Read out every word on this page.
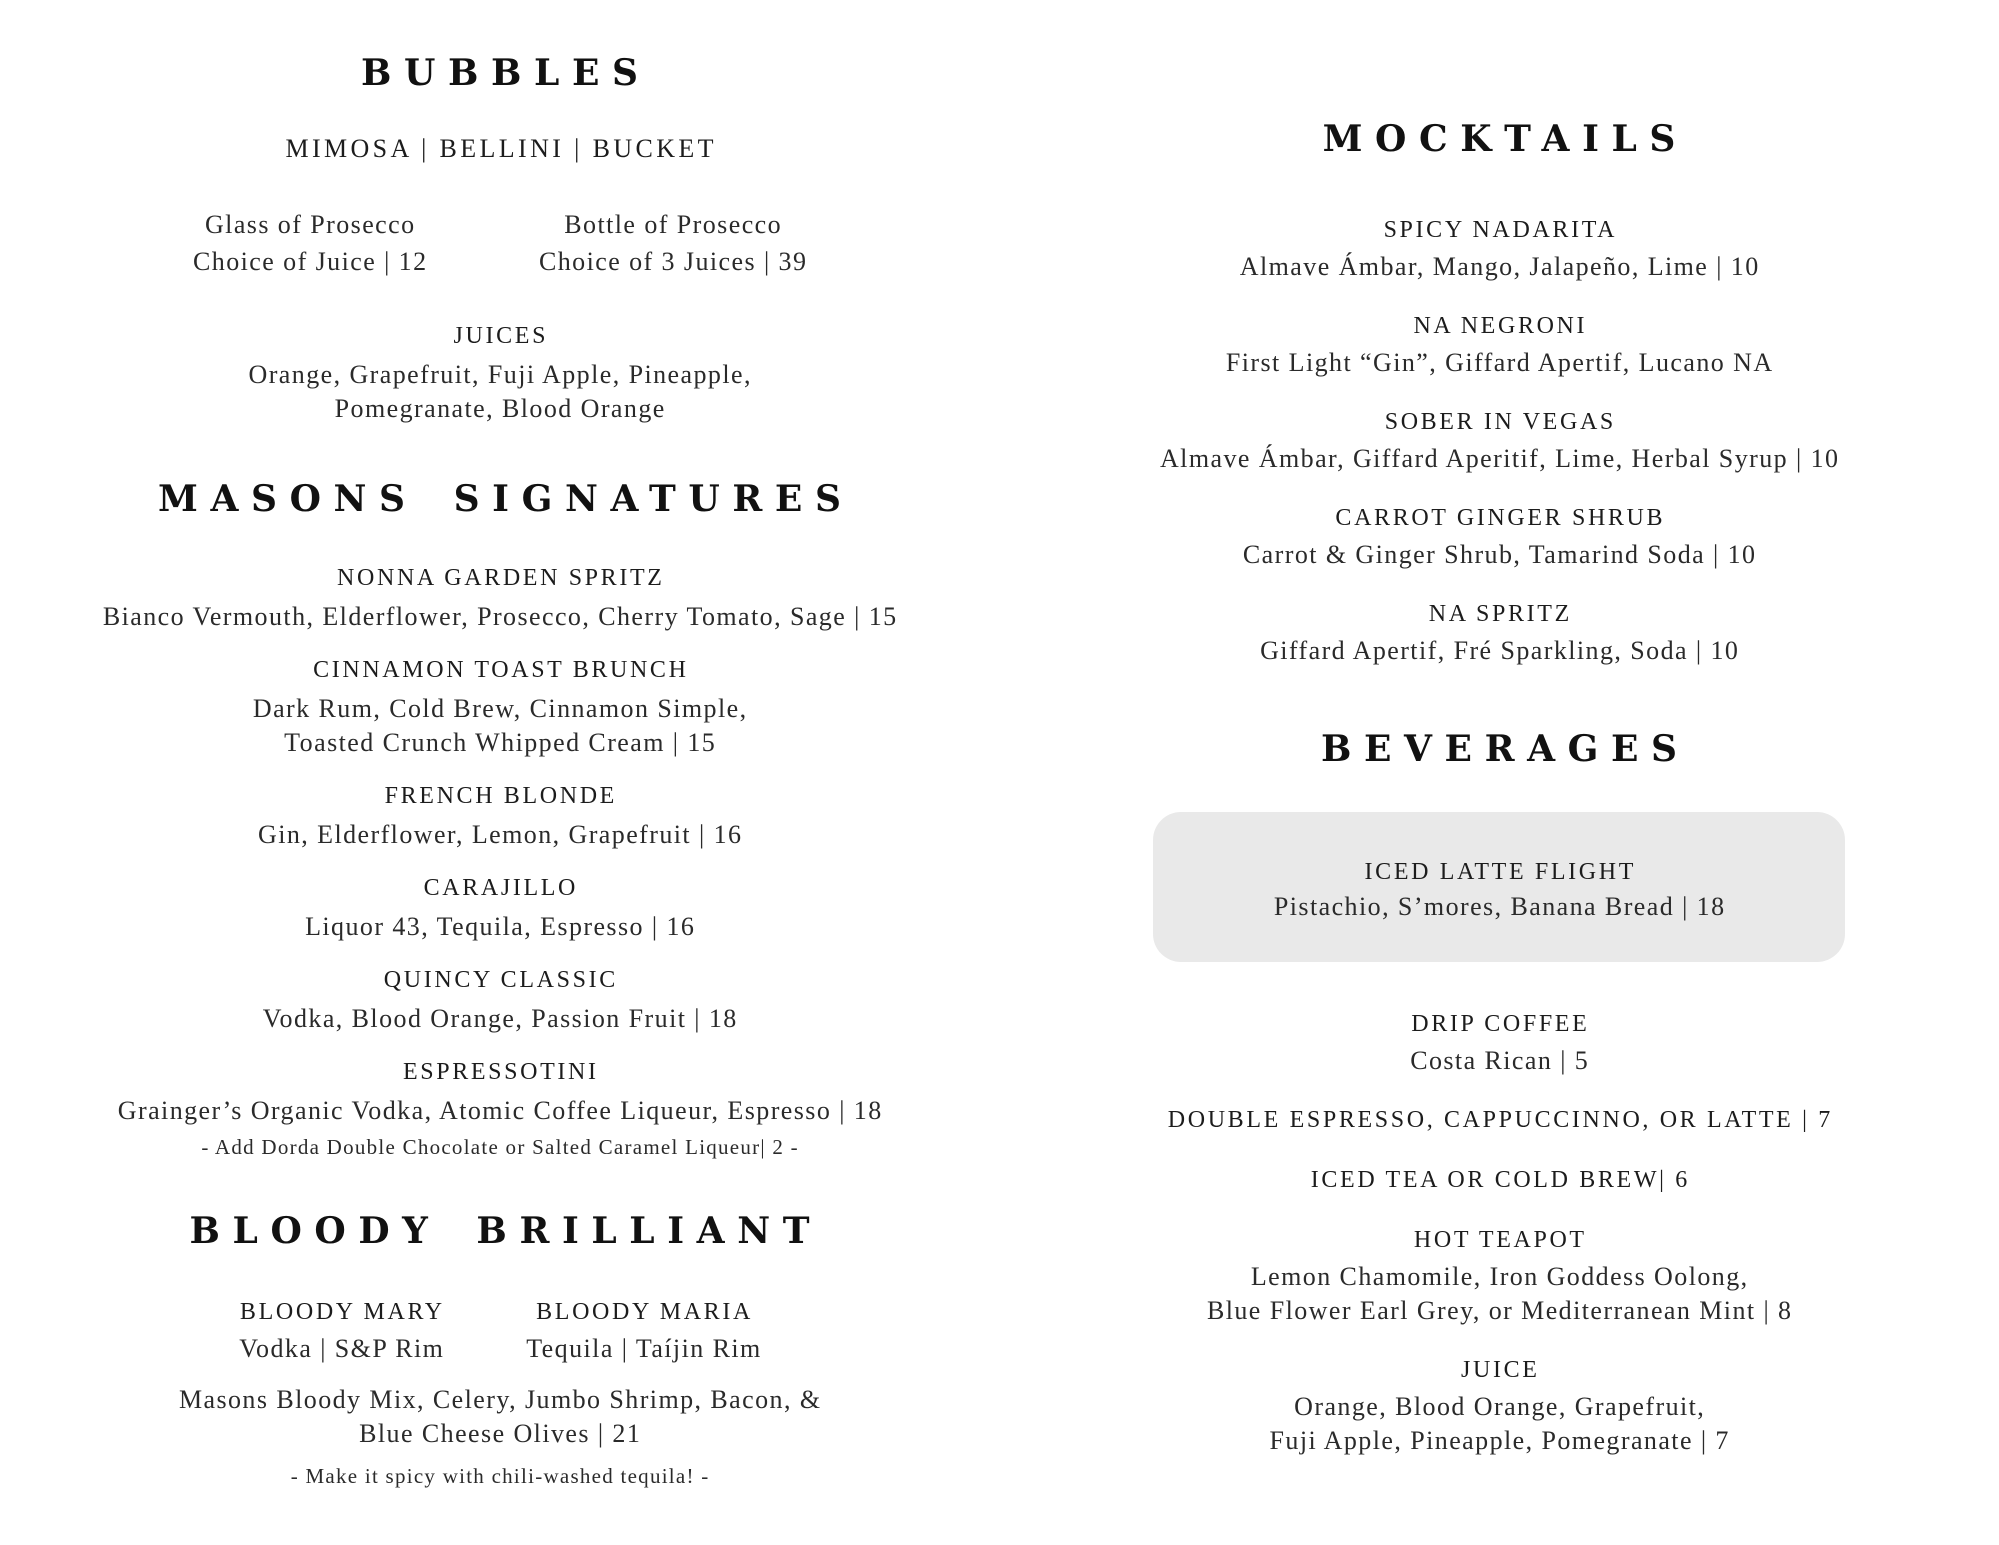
BUBBLES
MIMOSA | BELLINI | BUCKET
Glass of Prosecco
Choice of Juice | 12
Bottle of Prosecco
Choice of 3 Juices | 39
JUICES
Orange, Grapefruit, Fuji Apple, Pineapple,
Pomegranate, Blood Orange
MASONS SIGNATURES
NONNA GARDEN SPRITZ
Bianco Vermouth, Elderflower, Prosecco, Cherry Tomato, Sage | 15
CINNAMON TOAST BRUNCH
Dark Rum, Cold Brew, Cinnamon Simple,
Toasted Crunch Whipped Cream | 15
FRENCH BLONDE
Gin, Elderflower, Lemon, Grapefruit | 16
CARAJILLO
Liquor 43, Tequila, Espresso | 16
QUINCY CLASSIC
Vodka, Blood Orange, Passion Fruit | 18
ESPRESSOTINI
Grainger’s Organic Vodka, Atomic Coffee Liqueur, Espresso | 18
- Add Dorda Double Chocolate or Salted Caramel Liqueur| 2 -
BLOODY BRILLIANT
BLOODY MARY
Vodka | S&P Rim
BLOODY MARIA
Tequila | Taíjin Rim
Masons Bloody Mix, Celery, Jumbo Shrimp, Bacon, &
Blue Cheese Olives | 21
- Make it spicy with chili-washed tequila! -
MOCKTAILS
SPICY NADARITA
Almave Ámbar, Mango, Jalapeño, Lime | 10
NA NEGRONI
First Light “Gin”, Giffard Apertif, Lucano NA
SOBER IN VEGAS
Almave Ámbar, Giffard Aperitif, Lime, Herbal Syrup | 10
CARROT GINGER SHRUB
Carrot & Ginger Shrub, Tamarind Soda | 10
NA SPRITZ
Giffard Apertif, Fré Sparkling, Soda | 10
BEVERAGES
ICED LATTE FLIGHT
Pistachio, S’mores, Banana Bread | 18
DRIP COFFEE
Costa Rican | 5
DOUBLE ESPRESSO, CAPPUCCINNO, OR LATTE | 7
ICED TEA OR COLD BREW| 6
HOT TEAPOT
Lemon Chamomile, Iron Goddess Oolong,
Blue Flower Earl Grey, or Mediterranean Mint | 8
JUICE
Orange, Blood Orange, Grapefruit,
Fuji Apple, Pineapple, Pomegranate | 7
